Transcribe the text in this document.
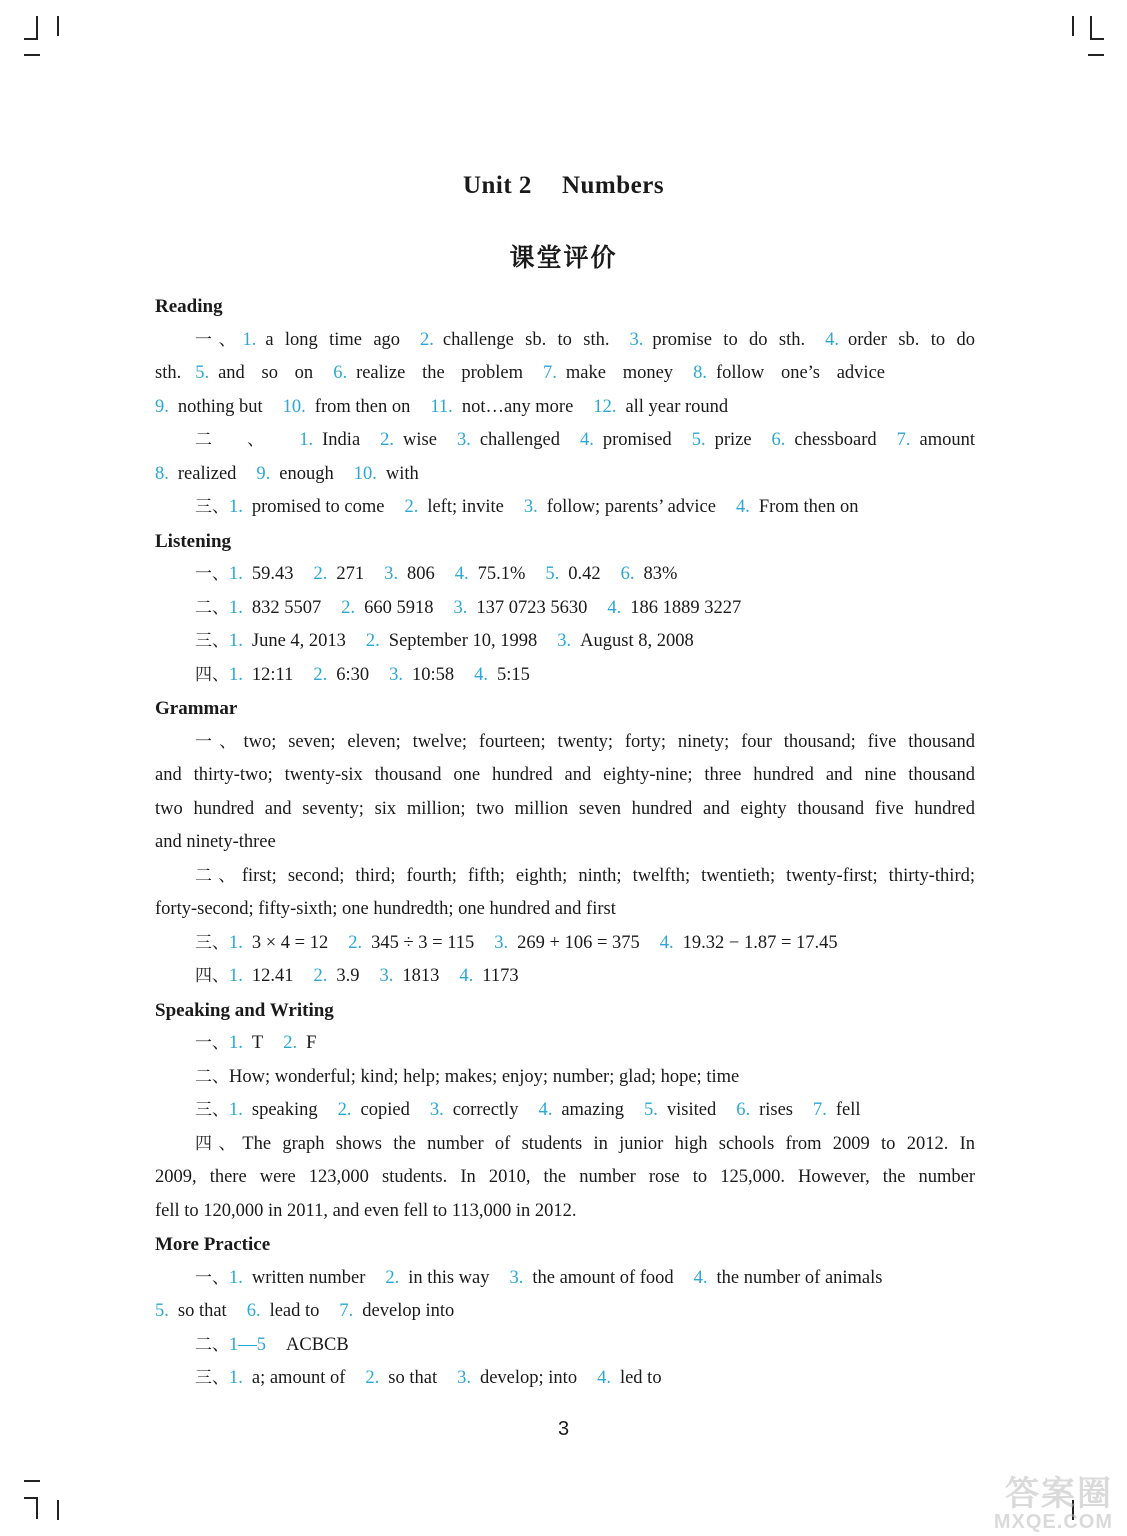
Unit 2 Numbers
课堂评价
Reading
一、1. a long time ago 2. challenge sb. to sth. 3. promise to do sth. 4. order sb. to do
sth. 5. and so on 6. realize the problem 7. make money 8. follow one’s advice
9. nothing but 10. from then on 11. not…any more 12. all year round
二、1. India 2. wise 3. challenged 4. promised 5. prize 6. chessboard 7. amount
8. realized 9. enough 10. with
三、1. promised to come 2. left; invite 3. follow; parents’ advice 4. From then on
Listening
一、1. 59.43 2. 271 3. 806 4. 75.1% 5. 0.42 6. 83%
二、1. 832 5507 2. 660 5918 3. 137 0723 5630 4. 186 1889 3227
三、1. June 4, 2013 2. September 10, 1998 3. August 8, 2008
四、1. 12:11 2. 6:30 3. 10:58 4. 5:15
Grammar
一、two; seven; eleven; twelve; fourteen; twenty; forty; ninety; four thousand; five thousand
and thirty-two; twenty-six thousand one hundred and eighty-nine; three hundred and nine thousand
two hundred and seventy; six million; two million seven hundred and eighty thousand five hundred
and ninety-three
二、first; second; third; fourth; fifth; eighth; ninth; twelfth; twentieth; twenty-first; thirty-third;
forty-second; fifty-sixth; one hundredth; one hundred and first
三、1. 3 × 4 = 12 2. 345 ÷ 3 = 115 3. 269 + 106 = 375 4. 19.32 − 1.87 = 17.45
四、1. 12.41 2. 3.9 3. 1813 4. 1173
Speaking and Writing
一、1. T 2. F
二、How; wonderful; kind; help; makes; enjoy; number; glad; hope; time
三、1. speaking 2. copied 3. correctly 4. amazing 5. visited 6. rises 7. fell
四、The graph shows the number of students in junior high schools from 2009 to 2012. In
2009, there were 123,000 students. In 2010, the number rose to 125,000. However, the number
fell to 120,000 in 2011, and even fell to 113,000 in 2012.
More Practice
一、1. written number 2. in this way 3. the amount of food 4. the number of animals
5. so that 6. lead to 7. develop into
二、1—5 ACBCB
三、1. a; amount of 2. so that 3. develop; into 4. led to
3
答案圈
MXQE.COM
